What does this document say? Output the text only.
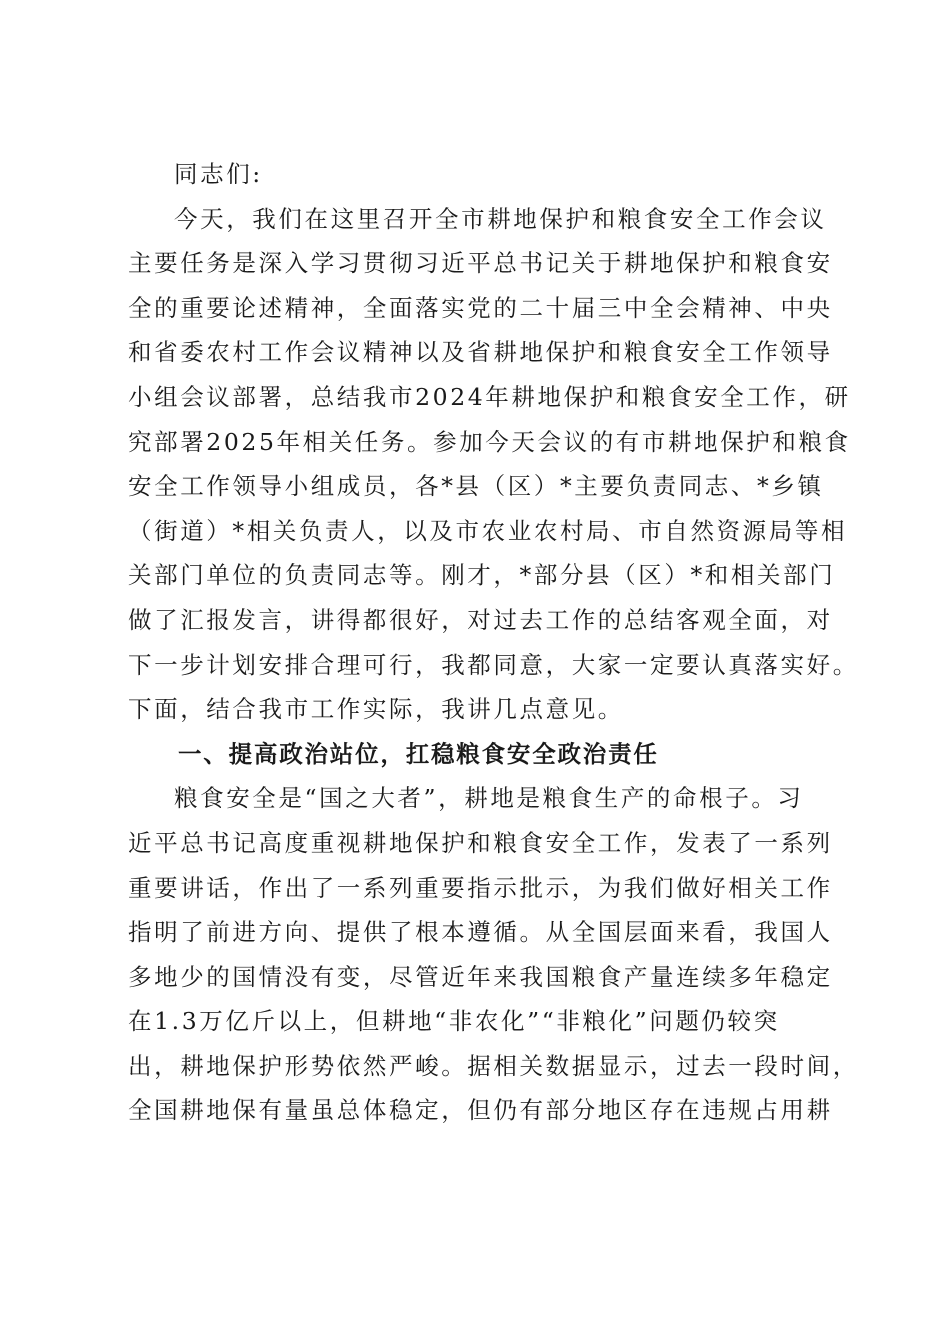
同志们:
今天，我们在这里召开全市耕地保护和粮食安全工作会议
主要任务是深入学习贯彻习近平总书记关于耕地保护和粮食安
全的重要论述精神，全面落实党的二十届三中全会精神、中央
和省委农村工作会议精神以及省耕地保护和粮食安全工作领导
小组会议部署，总结我市2024年耕地保护和粮食安全工作，研
究部署2025年相关任务。参加今天会议的有市耕地保护和粮食
安全工作领导小组成员，各*县（区）*主要负责同志、*乡镇
（街道）*相关负责人，以及市农业农村局、市自然资源局等相
关部门单位的负责同志等。刚才，*部分县（区）*和相关部门
做了汇报发言，讲得都很好，对过去工作的总结客观全面，对
下一步计划安排合理可行，我都同意，大家一定要认真落实好。
下面，结合我市工作实际，我讲几点意见。
一、提高政治站位，扛稳粮食安全政治责任
粮食安全是“国之大者”，耕地是粮食生产的命根子。习
近平总书记高度重视耕地保护和粮食安全工作，发表了一系列
重要讲话，作出了一系列重要指示批示，为我们做好相关工作
指明了前进方向、提供了根本遵循。从全国层面来看，我国人
多地少的国情没有变，尽管近年来我国粮食产量连续多年稳定
在1.3万亿斤以上，但耕地“非农化”“非粮化”问题仍较突
出，耕地保护形势依然严峻。据相关数据显示，过去一段时间，
全国耕地保有量虽总体稳定，但仍有部分地区存在违规占用耕
